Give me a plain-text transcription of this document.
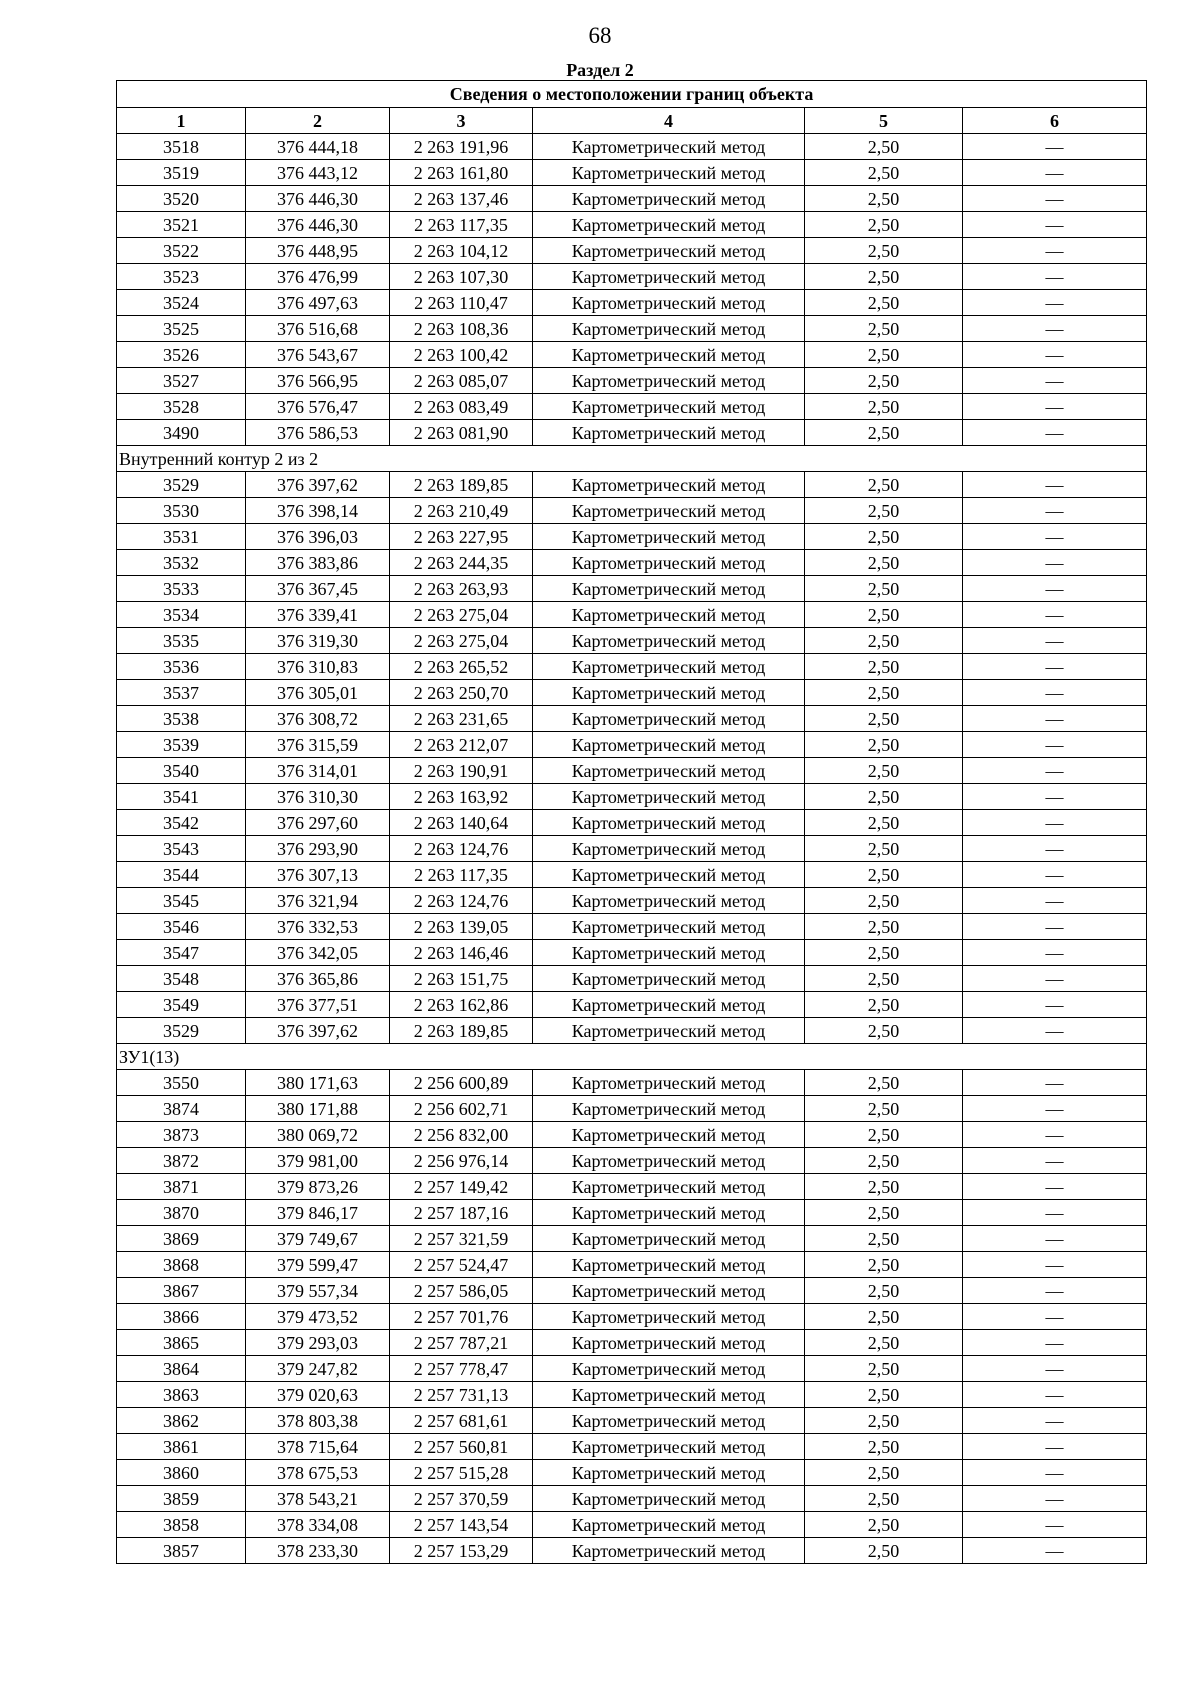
68
Раздел 2
Сведения о местоположении границ объекта					
1	2	3	4	5	6
3518	376 444,18	2 263 191,96	Картометрический метод	2,50	—
3519	376 443,12	2 263 161,80	Картометрический метод	2,50	—
3520	376 446,30	2 263 137,46	Картометрический метод	2,50	—
3521	376 446,30	2 263 117,35	Картометрический метод	2,50	—
3522	376 448,95	2 263 104,12	Картометрический метод	2,50	—
3523	376 476,99	2 263 107,30	Картометрический метод	2,50	—
3524	376 497,63	2 263 110,47	Картометрический метод	2,50	—
3525	376 516,68	2 263 108,36	Картометрический метод	2,50	—
3526	376 543,67	2 263 100,42	Картометрический метод	2,50	—
3527	376 566,95	2 263 085,07	Картометрический метод	2,50	—
3528	376 576,47	2 263 083,49	Картометрический метод	2,50	—
3490	376 586,53	2 263 081,90	Картометрический метод	2,50	—
Внутренний контур 2 из 2					
3529	376 397,62	2 263 189,85	Картометрический метод	2,50	—
3530	376 398,14	2 263 210,49	Картометрический метод	2,50	—
3531	376 396,03	2 263 227,95	Картометрический метод	2,50	—
3532	376 383,86	2 263 244,35	Картометрический метод	2,50	—
3533	376 367,45	2 263 263,93	Картометрический метод	2,50	—
3534	376 339,41	2 263 275,04	Картометрический метод	2,50	—
3535	376 319,30	2 263 275,04	Картометрический метод	2,50	—
3536	376 310,83	2 263 265,52	Картометрический метод	2,50	—
3537	376 305,01	2 263 250,70	Картометрический метод	2,50	—
3538	376 308,72	2 263 231,65	Картометрический метод	2,50	—
3539	376 315,59	2 263 212,07	Картометрический метод	2,50	—
3540	376 314,01	2 263 190,91	Картометрический метод	2,50	—
3541	376 310,30	2 263 163,92	Картометрический метод	2,50	—
3542	376 297,60	2 263 140,64	Картометрический метод	2,50	—
3543	376 293,90	2 263 124,76	Картометрический метод	2,50	—
3544	376 307,13	2 263 117,35	Картометрический метод	2,50	—
3545	376 321,94	2 263 124,76	Картометрический метод	2,50	—
3546	376 332,53	2 263 139,05	Картометрический метод	2,50	—
3547	376 342,05	2 263 146,46	Картометрический метод	2,50	—
3548	376 365,86	2 263 151,75	Картометрический метод	2,50	—
3549	376 377,51	2 263 162,86	Картометрический метод	2,50	—
3529	376 397,62	2 263 189,85	Картометрический метод	2,50	—
ЗУ1(13)					
3550	380 171,63	2 256 600,89	Картометрический метод	2,50	—
3874	380 171,88	2 256 602,71	Картометрический метод	2,50	—
3873	380 069,72	2 256 832,00	Картометрический метод	2,50	—
3872	379 981,00	2 256 976,14	Картометрический метод	2,50	—
3871	379 873,26	2 257 149,42	Картометрический метод	2,50	—
3870	379 846,17	2 257 187,16	Картометрический метод	2,50	—
3869	379 749,67	2 257 321,59	Картометрический метод	2,50	—
3868	379 599,47	2 257 524,47	Картометрический метод	2,50	—
3867	379 557,34	2 257 586,05	Картометрический метод	2,50	—
3866	379 473,52	2 257 701,76	Картометрический метод	2,50	—
3865	379 293,03	2 257 787,21	Картометрический метод	2,50	—
3864	379 247,82	2 257 778,47	Картометрический метод	2,50	—
3863	379 020,63	2 257 731,13	Картометрический метод	2,50	—
3862	378 803,38	2 257 681,61	Картометрический метод	2,50	—
3861	378 715,64	2 257 560,81	Картометрический метод	2,50	—
3860	378 675,53	2 257 515,28	Картометрический метод	2,50	—
3859	378 543,21	2 257 370,59	Картометрический метод	2,50	—
3858	378 334,08	2 257 143,54	Картометрический метод	2,50	—
3857	378 233,30	2 257 153,29	Картометрический метод	2,50	—
